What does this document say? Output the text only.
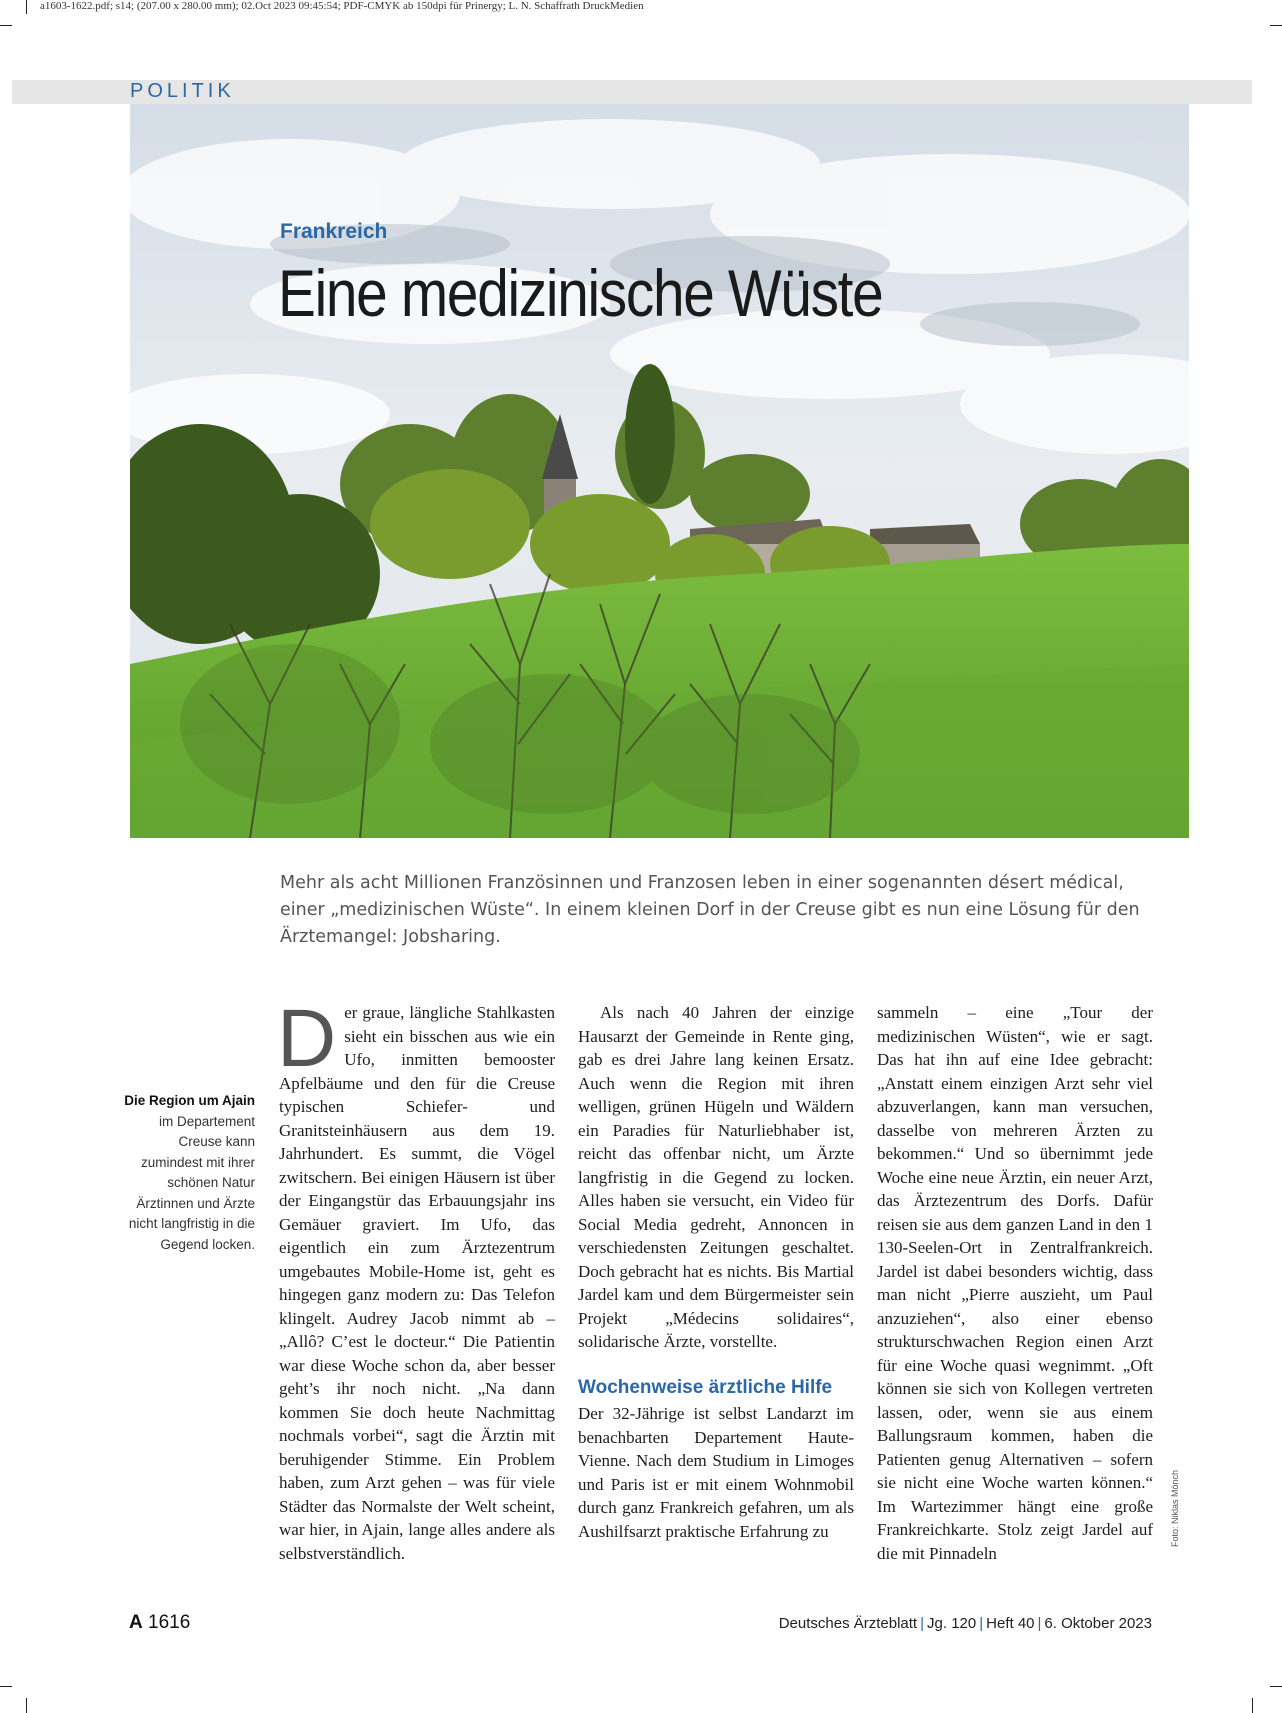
a1603-1622.pdf; s14; (207.00 x 280.00 mm); 02.Oct 2023 09:45:54; PDF-CMYK ab 150dpi für Prinergy; L. N. Schaffrath DruckMedien
POLITIK
Frankreich
Eine medizinische Wüste
Mehr als acht Millionen Französinnen und Franzosen leben in einer sogenannten désert médical, einer „medizinischen Wüste“. In einem kleinen Dorf in der Creuse gibt es nun eine Lösung für den Ärztemangel: Jobsharing.
Die Region um Ajain im Departement Creuse kann zumindest mit ihrer schönen Natur Ärztinnen und Ärzte nicht langfristig in die Gegend locken.
Der graue, längliche Stahlkasten sieht ein bisschen aus wie ein Ufo, inmitten bemooster Apfelbäume und den für die Creuse typischen Schiefer- und Granitsteinhäusern aus dem 19. Jahrhundert. Es summt, die Vögel zwitschern. Bei einigen Häusern ist über der Eingangstür das Erbauungsjahr ins Gemäuer graviert. Im Ufo, das eigentlich ein zum Ärztezentrum umgebautes Mobile-Home ist, geht es hingegen ganz modern zu: Das Telefon klingelt. Audrey Jacob nimmt ab – „Allô? C’est le docteur.“ Die Patientin war diese Woche schon da, aber besser geht’s ihr noch nicht. „Na dann kommen Sie doch heute Nachmittag nochmals vorbei“, sagt die Ärztin mit beruhigender Stimme. Ein Problem haben, zum Arzt gehen – was für viele Städter das Normalste der Welt scheint, war hier, in Ajain, lange alles andere als selbstverständlich.

Als nach 40 Jahren der einzige Hausarzt der Gemeinde in Rente ging, gab es drei Jahre lang keinen Ersatz. Auch wenn die Region mit ihren welligen, grünen Hügeln und Wäldern ein Paradies für Naturliebhaber ist, reicht das offenbar nicht, um Ärzte langfristig in die Gegend zu locken. Alles haben sie versucht, ein Video für Social Media gedreht, Annoncen in verschiedensten Zeitungen geschaltet. Doch gebracht hat es nichts. Bis Martial Jardel kam und dem Bürgermeister sein Projekt „Médecins solidaires“, solidarische Ärzte, vorstellte.

Wochenweise ärztliche Hilfe

Der 32-Jährige ist selbst Landarzt im benachbarten Departement Haute-Vienne. Nach dem Studium in Limoges und Paris ist er mit einem Wohnmobil durch ganz Frankreich gefahren, um als Aushilfsarzt praktische Erfahrung zu

sammeln – eine „Tour der medizinischen Wüsten“, wie er sagt. Das hat ihn auf eine Idee gebracht: „Anstatt einem einzigen Arzt sehr viel abzuverlangen, kann man versuchen, dasselbe von mehreren Ärzten zu bekommen.“ Und so übernimmt jede Woche eine neue Ärztin, ein neuer Arzt, das Ärztezentrum des Dorfs. Dafür reisen sie aus dem ganzen Land in den 1 130-Seelen-Ort in Zentralfrankreich. Jardel ist dabei besonders wichtig, dass man nicht „Pierre auszieht, um Paul anzuziehen“, also einer ebenso strukturschwachen Region einen Arzt für eine Woche quasi wegnimmt. „Oft können sie sich von Kollegen vertreten lassen, oder, wenn sie aus einem Ballungsraum kommen, haben die Patienten genug Alternativen – sofern sie nicht eine Woche warten können.“ Im Wartezimmer hängt eine große Frankreichkarte. Stolz zeigt Jardel auf die mit Pinnadeln

Foto: Niklas Mönch
A 1616	Deutsches Ärzteblatt | Jg. 120 | Heft 40 | 6. Oktober 2023
